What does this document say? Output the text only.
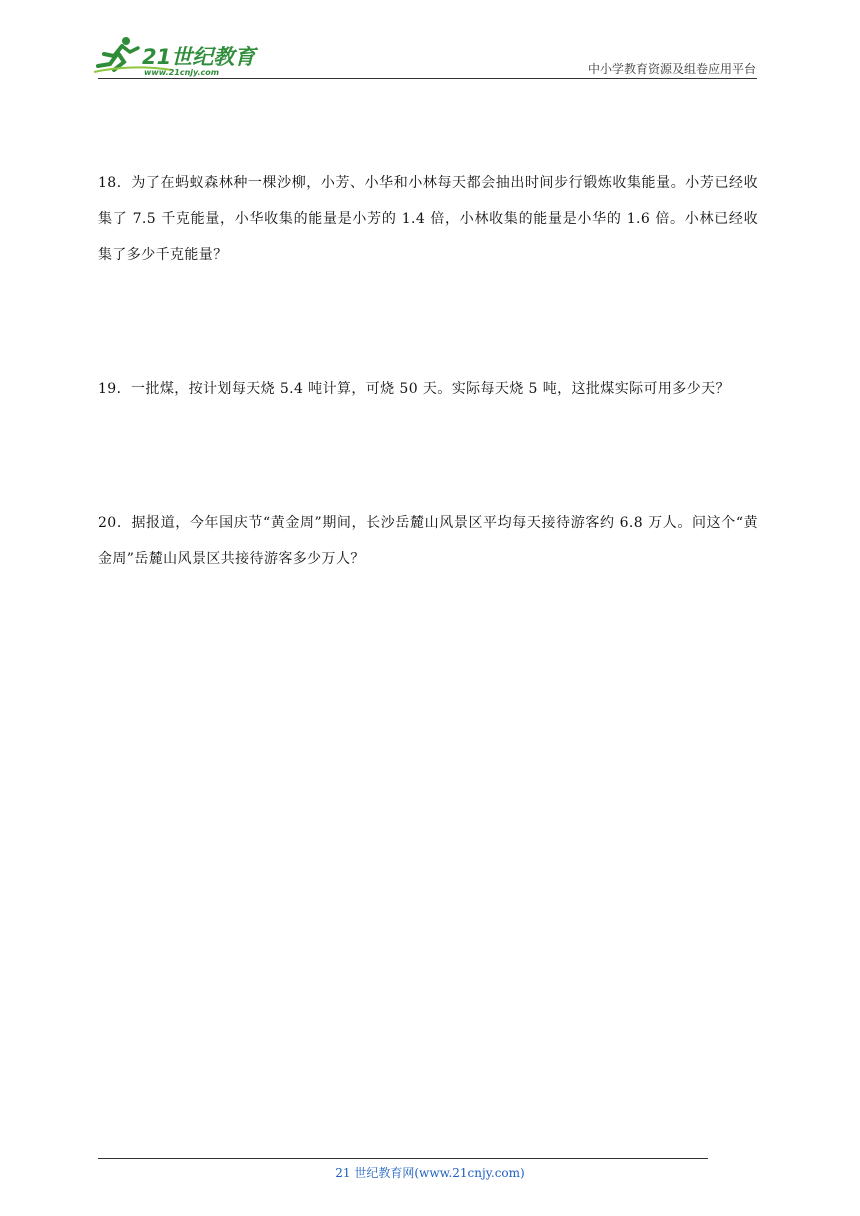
21世纪教育
www.21cnjy.com	中小学教育资源及组卷应用平台
18．为了在蚂蚁森林种一棵沙柳，小芳、小华和小林每天都会抽出时间步行锻炼收集能量。小芳已经收集了 7.5 千克能量，小华收集的能量是小芳的 1.4 倍，小林收集的能量是小华的 1.6 倍。小林已经收集了多少千克能量？
19．一批煤，按计划每天烧 5.4 吨计算，可烧 50 天。实际每天烧 5 吨，这批煤实际可用多少天？
20．据报道，今年国庆节“黄金周”期间，长沙岳麓山风景区平均每天接待游客约 6.8 万人。问这个“黄金周”岳麓山风景区共接待游客多少万人？
21 世纪教育网(www.21cnjy.com)
